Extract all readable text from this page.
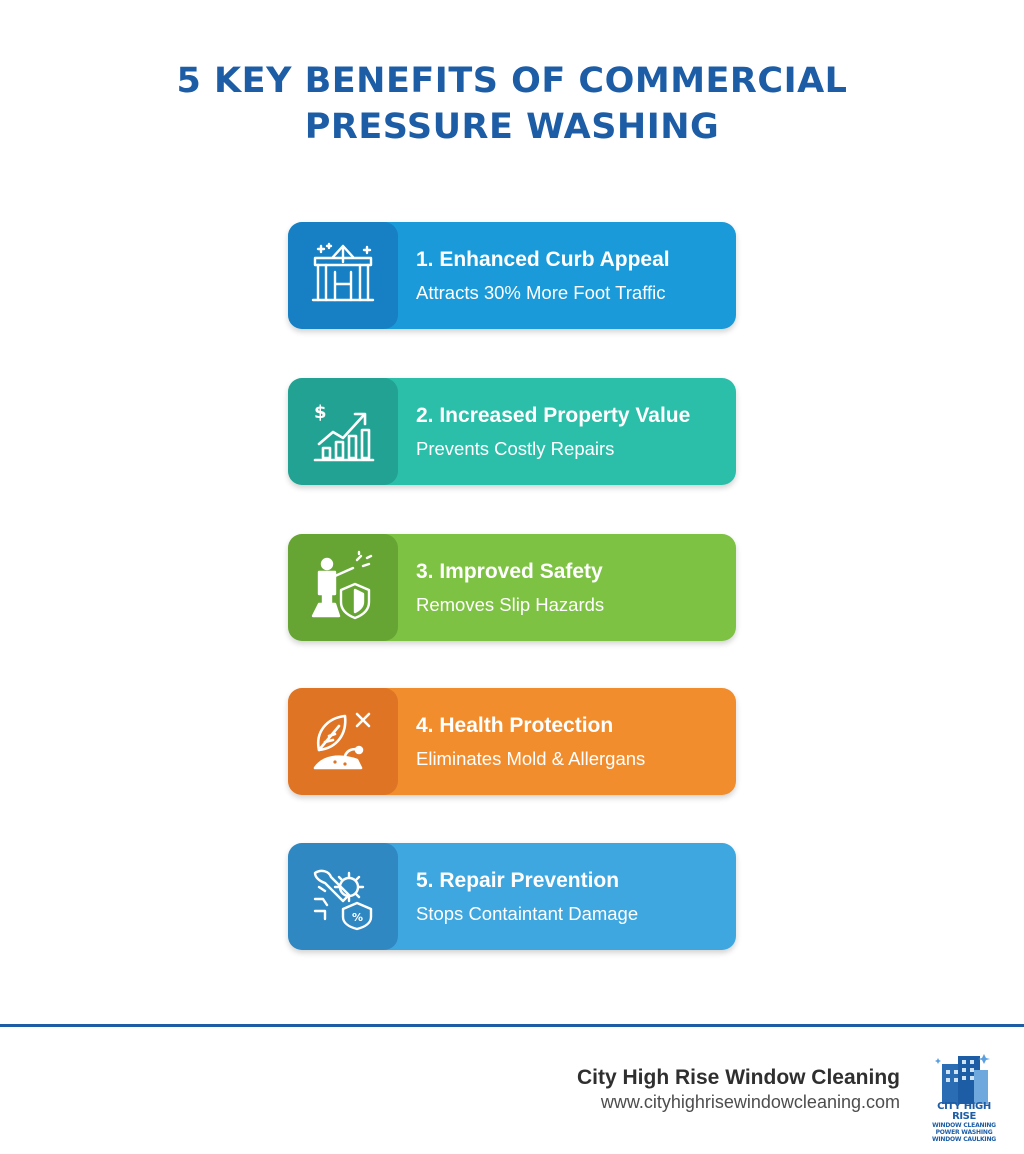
5 KEY BENEFITS OF COMMERCIAL
PRESSURE WASHING
1. Enhanced Curb Appeal
Attracts 30% More Foot Traffic
$	2. Increased Property Value
Prevents Costly Repairs
3. Improved Safety
Removes Slip Hazards
4. Health Protection
Eliminates Mold & Allergans
%
5. Repair Prevention
Stops Containtant Damage
City High Rise Window Cleaning
www.cityhighrisewindowcleaning.com	CITY HIGH RISE
WINDOW CLEANING
POWER WASHING
WINDOW CAULKING
